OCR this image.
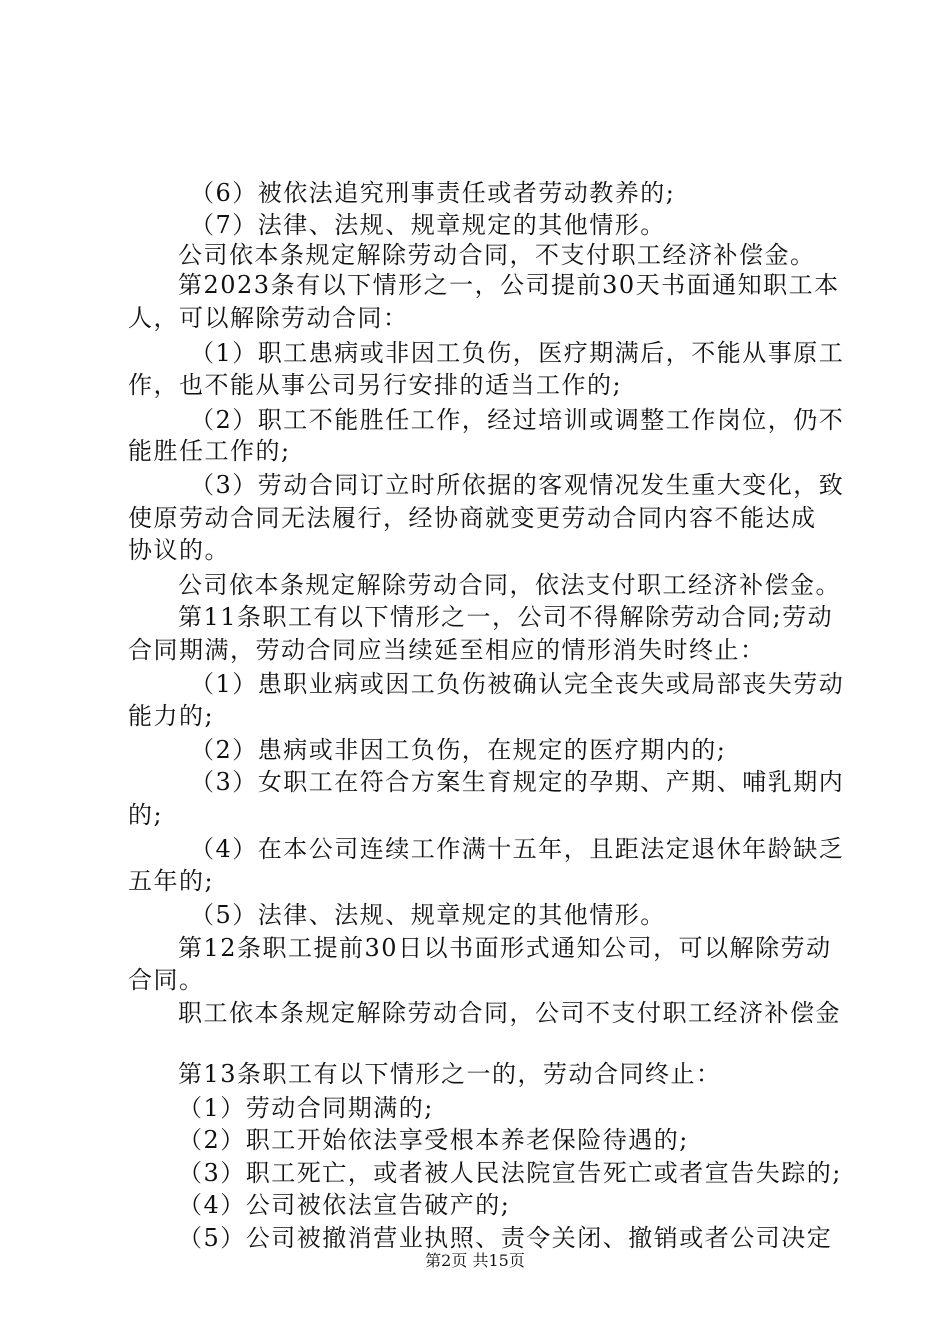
（6）被依法追究刑事责任或者劳动教养的;
（7）法律、法规、规章规定的其他情形。
公司依本条规定解除劳动合同，不支付职工经济补偿金。
第2023条有以下情形之一，公司提前30天书面通知职工本
人，可以解除劳动合同：
（1）职工患病或非因工负伤，医疗期满后，不能从事原工
作，也不能从事公司另行安排的适当工作的;
（2）职工不能胜任工作，经过培训或调整工作岗位，仍不
能胜任工作的;
（3）劳动合同订立时所依据的客观情况发生重大变化，致
使原劳动合同无法履行，经协商就变更劳动合同内容不能达成
协议的。
公司依本条规定解除劳动合同，依法支付职工经济补偿金。
第11条职工有以下情形之一，公司不得解除劳动合同;劳动
合同期满，劳动合同应当续延至相应的情形消失时终止：
（1）患职业病或因工负伤被确认完全丧失或局部丧失劳动
能力的;
（2）患病或非因工负伤，在规定的医疗期内的;
（3）女职工在符合方案生育规定的孕期、产期、哺乳期内
的;
（4）在本公司连续工作满十五年，且距法定退休年龄缺乏
五年的;
（5）法律、法规、规章规定的其他情形。
第12条职工提前30日以书面形式通知公司，可以解除劳动
合同。
职工依本条规定解除劳动合同，公司不支付职工经济补偿金
第13条职工有以下情形之一的，劳动合同终止：
（1）劳动合同期满的;
（2）职工开始依法享受根本养老保险待遇的;
（3）职工死亡，或者被人民法院宣告死亡或者宣告失踪的;
（4）公司被依法宣告破产的;
（5）公司被撤消营业执照、责令关闭、撤销或者公司决定
第2页 共15页
